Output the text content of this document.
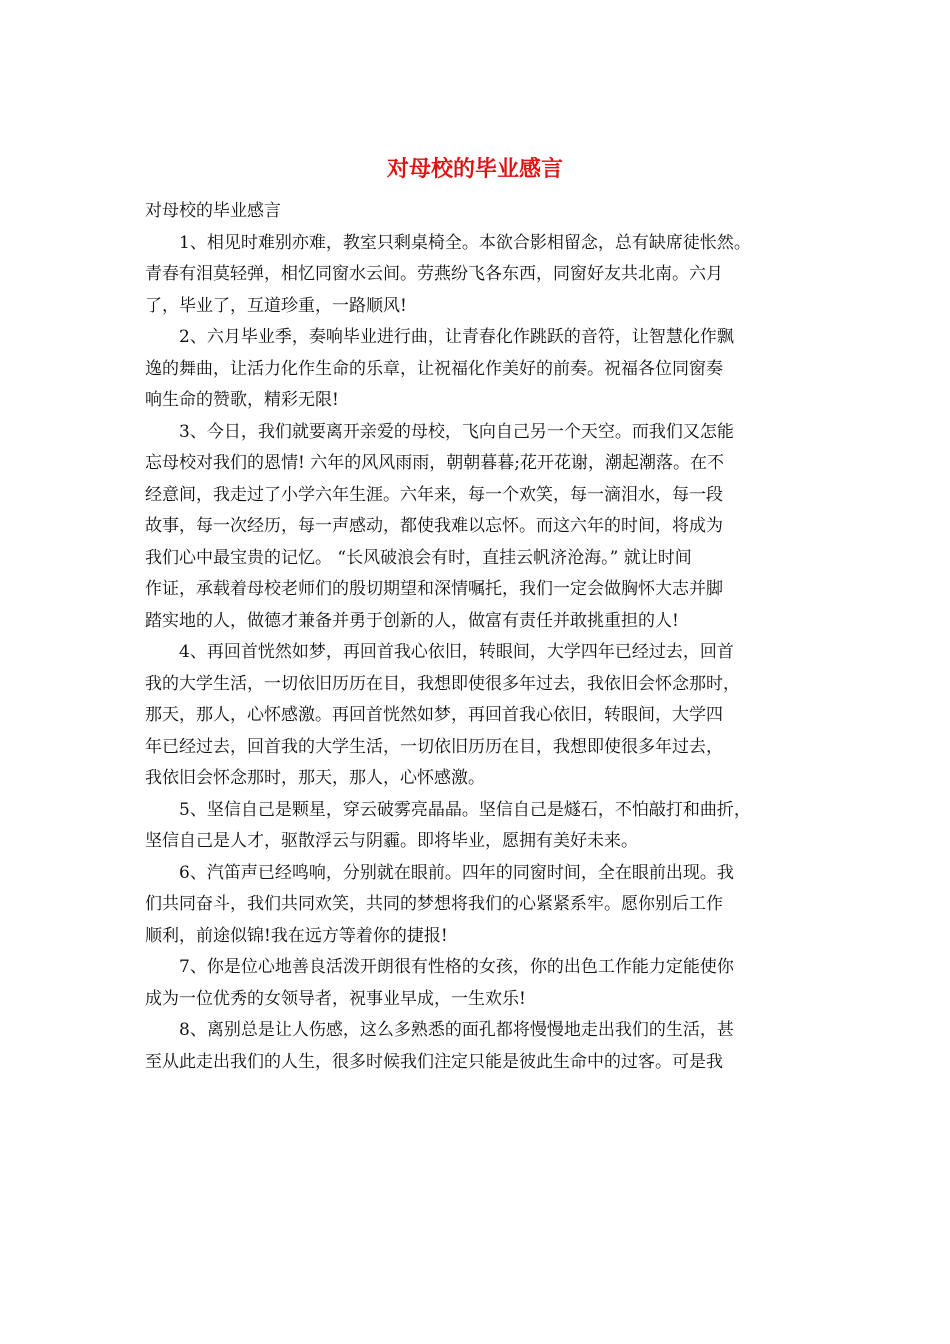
对母校的毕业感言
对母校的毕业感言
1、相见时难别亦难，教室只剩桌椅全。本欲合影相留念，总有缺席徒怅然。
青春有泪莫轻弹，相忆同窗水云间。劳燕纷飞各东西，同窗好友共北南。六月
了，毕业了，互道珍重，一路顺风!
2、六月毕业季，奏响毕业进行曲，让青春化作跳跃的音符，让智慧化作飘
逸的舞曲，让活力化作生命的乐章，让祝福化作美好的前奏。祝福各位同窗奏
响生命的赞歌，精彩无限!
3、今日，我们就要离开亲爱的母校，飞向自己另一个天空。而我们又怎能
忘母校对我们的恩情! 六年的风风雨雨，朝朝暮暮;花开花谢，潮起潮落。在不
经意间，我走过了小学六年生涯。六年来，每一个欢笑，每一滴泪水，每一段
故事，每一次经历，每一声感动，都使我难以忘怀。而这六年的时间，将成为
我们心中最宝贵的记忆。 “长风破浪会有时，直挂云帆济沧海。” 就让时间
作证，承载着母校老师们的殷切期望和深情嘱托，我们一定会做胸怀大志并脚
踏实地的人，做德才兼备并勇于创新的人，做富有责任并敢挑重担的人!
4、再回首恍然如梦，再回首我心依旧，转眼间，大学四年已经过去，回首
我的大学生活，一切依旧历历在目，我想即使很多年过去，我依旧会怀念那时，
那天，那人，心怀感激。再回首恍然如梦，再回首我心依旧，转眼间，大学四
年已经过去，回首我的大学生活，一切依旧历历在目，我想即使很多年过去，
我依旧会怀念那时，那天，那人，心怀感激。
5、坚信自己是颗星，穿云破雾亮晶晶。坚信自己是燧石，不怕敲打和曲折，
坚信自己是人才，驱散浮云与阴霾。即将毕业，愿拥有美好未来。
6、汽笛声已经鸣响，分别就在眼前。四年的同窗时间，全在眼前出现。我
们共同奋斗，我们共同欢笑，共同的梦想将我们的心紧紧系牢。愿你别后工作
顺利，前途似锦!我在远方等着你的捷报!
7、你是位心地善良活泼开朗很有性格的女孩，你的出色工作能力定能使你
成为一位优秀的女领导者，祝事业早成，一生欢乐!
8、离别总是让人伤感，这么多熟悉的面孔都将慢慢地走出我们的生活，甚
至从此走出我们的人生，很多时候我们注定只能是彼此生命中的过客。可是我
